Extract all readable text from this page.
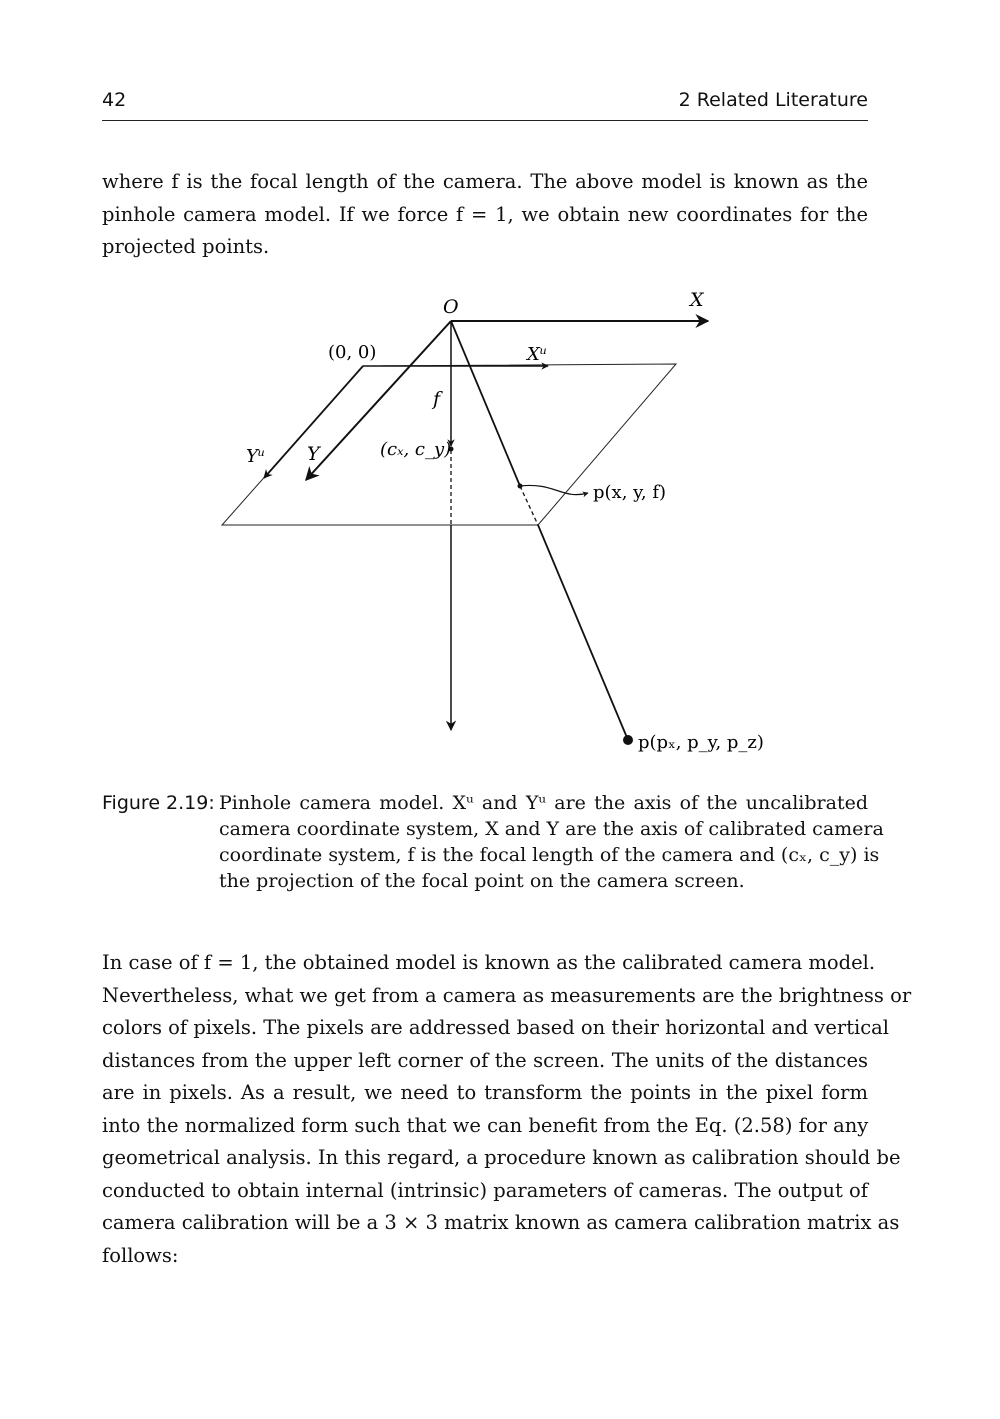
42	2 Related Literature
where f is the focal length of the camera. The above model is known as the
pinhole camera model. If we force f = 1, we obtain new coordinates for the
projected points.
O	X
(0, 0)	Xᵘ
Yᵘ Y
f
(cₓ, c_y)
p(x, y, f)
p(pₓ, p_y, p_z)
Figure 2.19: Pinhole camera model. Xᵘ and Yᵘ are the axis of the uncalibrated
camera coordinate system, X and Y are the axis of calibrated camera
coordinate system, f is the focal length of the camera and (cₓ, c_y) is
the projection of the focal point on the camera screen.
In case of f = 1, the obtained model is known as the calibrated camera model.
Nevertheless, what we get from a camera as measurements are the brightness or
colors of pixels. The pixels are addressed based on their horizontal and vertical
distances from the upper left corner of the screen. The units of the distances
are in pixels. As a result, we need to transform the points in the pixel form
into the normalized form such that we can benefit from the Eq. (2.58) for any
geometrical analysis. In this regard, a procedure known as calibration should be
conducted to obtain internal (intrinsic) parameters of cameras. The output of
camera calibration will be a 3 × 3 matrix known as camera calibration matrix as
follows:
